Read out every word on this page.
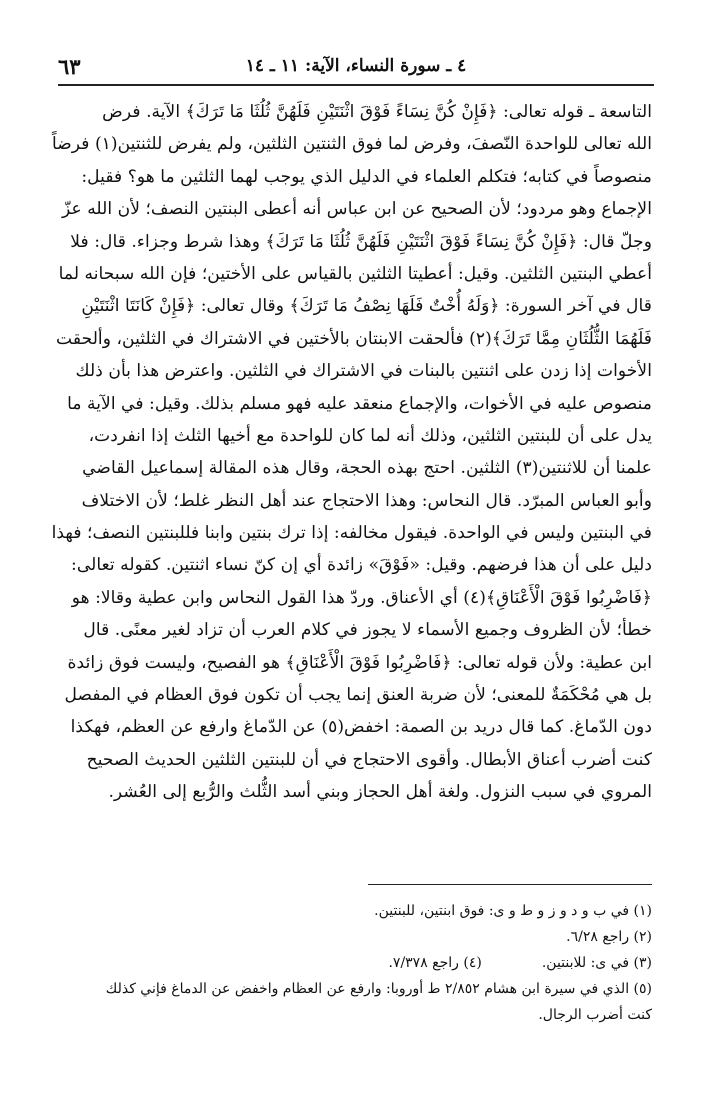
٤ ـ سورة النساء، الآية: ١١ ـ ١٤
٦٣
التاسعة ـ قوله تعالى: ﴿فَإِنْ كُنَّ نِسَاءً فَوْقَ اثْنَتَيْنِ فَلَهُنَّ ثُلُثَا مَا تَرَكَ﴾ الآية. فرض
الله تعالى للواحدة النّصفَ، وفرض لما فوق الثنتين الثلثين، ولم يفرض للثنتين(١) فرضاً
منصوصاً في كتابه؛ فتكلم العلماء في الدليل الذي يوجب لهما الثلثين ما هو؟ فقيل:
الإجماع وهو مردود؛ لأن الصحيح عن ابن عباس أنه أعطى البنتين النصف؛ لأن الله عزّ
وجلّ قال: ﴿فَإِنْ كُنَّ نِسَاءً فَوْقَ اثْنَتَيْنِ فَلَهُنَّ ثُلُثَا مَا تَرَكَ﴾ وهذا شرط وجزاء. قال: فلا
أعطي البنتين الثلثين. وقيل: أعطيتا الثلثين بالقياس على الأختين؛ فإن الله سبحانه لما
قال في آخر السورة: ﴿وَلَهُ أُخْتٌ فَلَهَا نِصْفُ مَا تَرَكَ﴾ وقال تعالى: ﴿فَإِنْ كَانَتَا اثْنَتَيْنِ
فَلَهُمَا الثُّلُثَانِ مِمَّا تَرَكَ﴾(٢) فألحقت الابنتان بالأختين في الاشتراك في الثلثين، وألحقت
الأخوات إذا زدن على اثنتين بالبنات في الاشتراك في الثلثين. واعترض هذا بأن ذلك
منصوص عليه في الأخوات، والإجماع منعقد عليه فهو مسلم بذلك. وقيل: في الآية ما
يدل على أن للبنتين الثلثين، وذلك أنه لما كان للواحدة مع أخيها الثلث إذا انفردت،
علمنا أن للاثنتين(٣) الثلثين. احتج بهذه الحجة، وقال هذه المقالة إسماعيل القاضي
وأبو العباس المبرّد. قال النحاس: وهذا الاحتجاج عند أهل النظر غلط؛ لأن الاختلاف
في البنتين وليس في الواحدة. فيقول مخالفه: إذا ترك بنتين وابنا فللبنتين النصف؛ فهذا
دليل على أن هذا فرضهم. وقيل: «فَوْقَ» زائدة أي إن كنّ نساء اثنتين. كقوله تعالى:
﴿فَاضْرِبُوا فَوْقَ الْأَعْنَاقِ﴾(٤) أي الأعناق. وردّ هذا القول النحاس وابن عطية وقالا: هو
خطأ؛ لأن الظروف وجميع الأسماء لا يجوز في كلام العرب أن تزاد لغير معنًى. قال
ابن عطية: ولأن قوله تعالى: ﴿فَاضْرِبُوا فَوْقَ الْأَعْنَاقِ﴾ هو الفصيح، وليست فوق زائدة
بل هي مُحْكَمَةٌ للمعنى؛ لأن ضربة العنق إنما يجب أن تكون فوق العظام في المفصل
دون الدّماغ. كما قال دريد بن الصمة: اخفض(٥) عن الدّماغ وارفع عن العظم، فهكذا
كنت أضرب أعناق الأبطال. وأقوى الاحتجاج في أن للبنتين الثلثين الحديث الصحيح
المروي في سبب النزول. ولغة أهل الحجاز وبني أسد الثُّلث والرُّبع إلى العُشر.
(١) في ب و د و ز و ط و ى: فوق ابنتين، للبنتين.
(٢) راجع ٦/٢٨.
(٣) في ى: للابنتين.(٤) راجع ٧/٣٧٨.
(٥) الذي في سيرة ابن هشام ٢/٨٥٢ ط أوروبا: وارفع عن العظام واخفض عن الدماغ فإني كذلك
كنت أضرب الرجال.
